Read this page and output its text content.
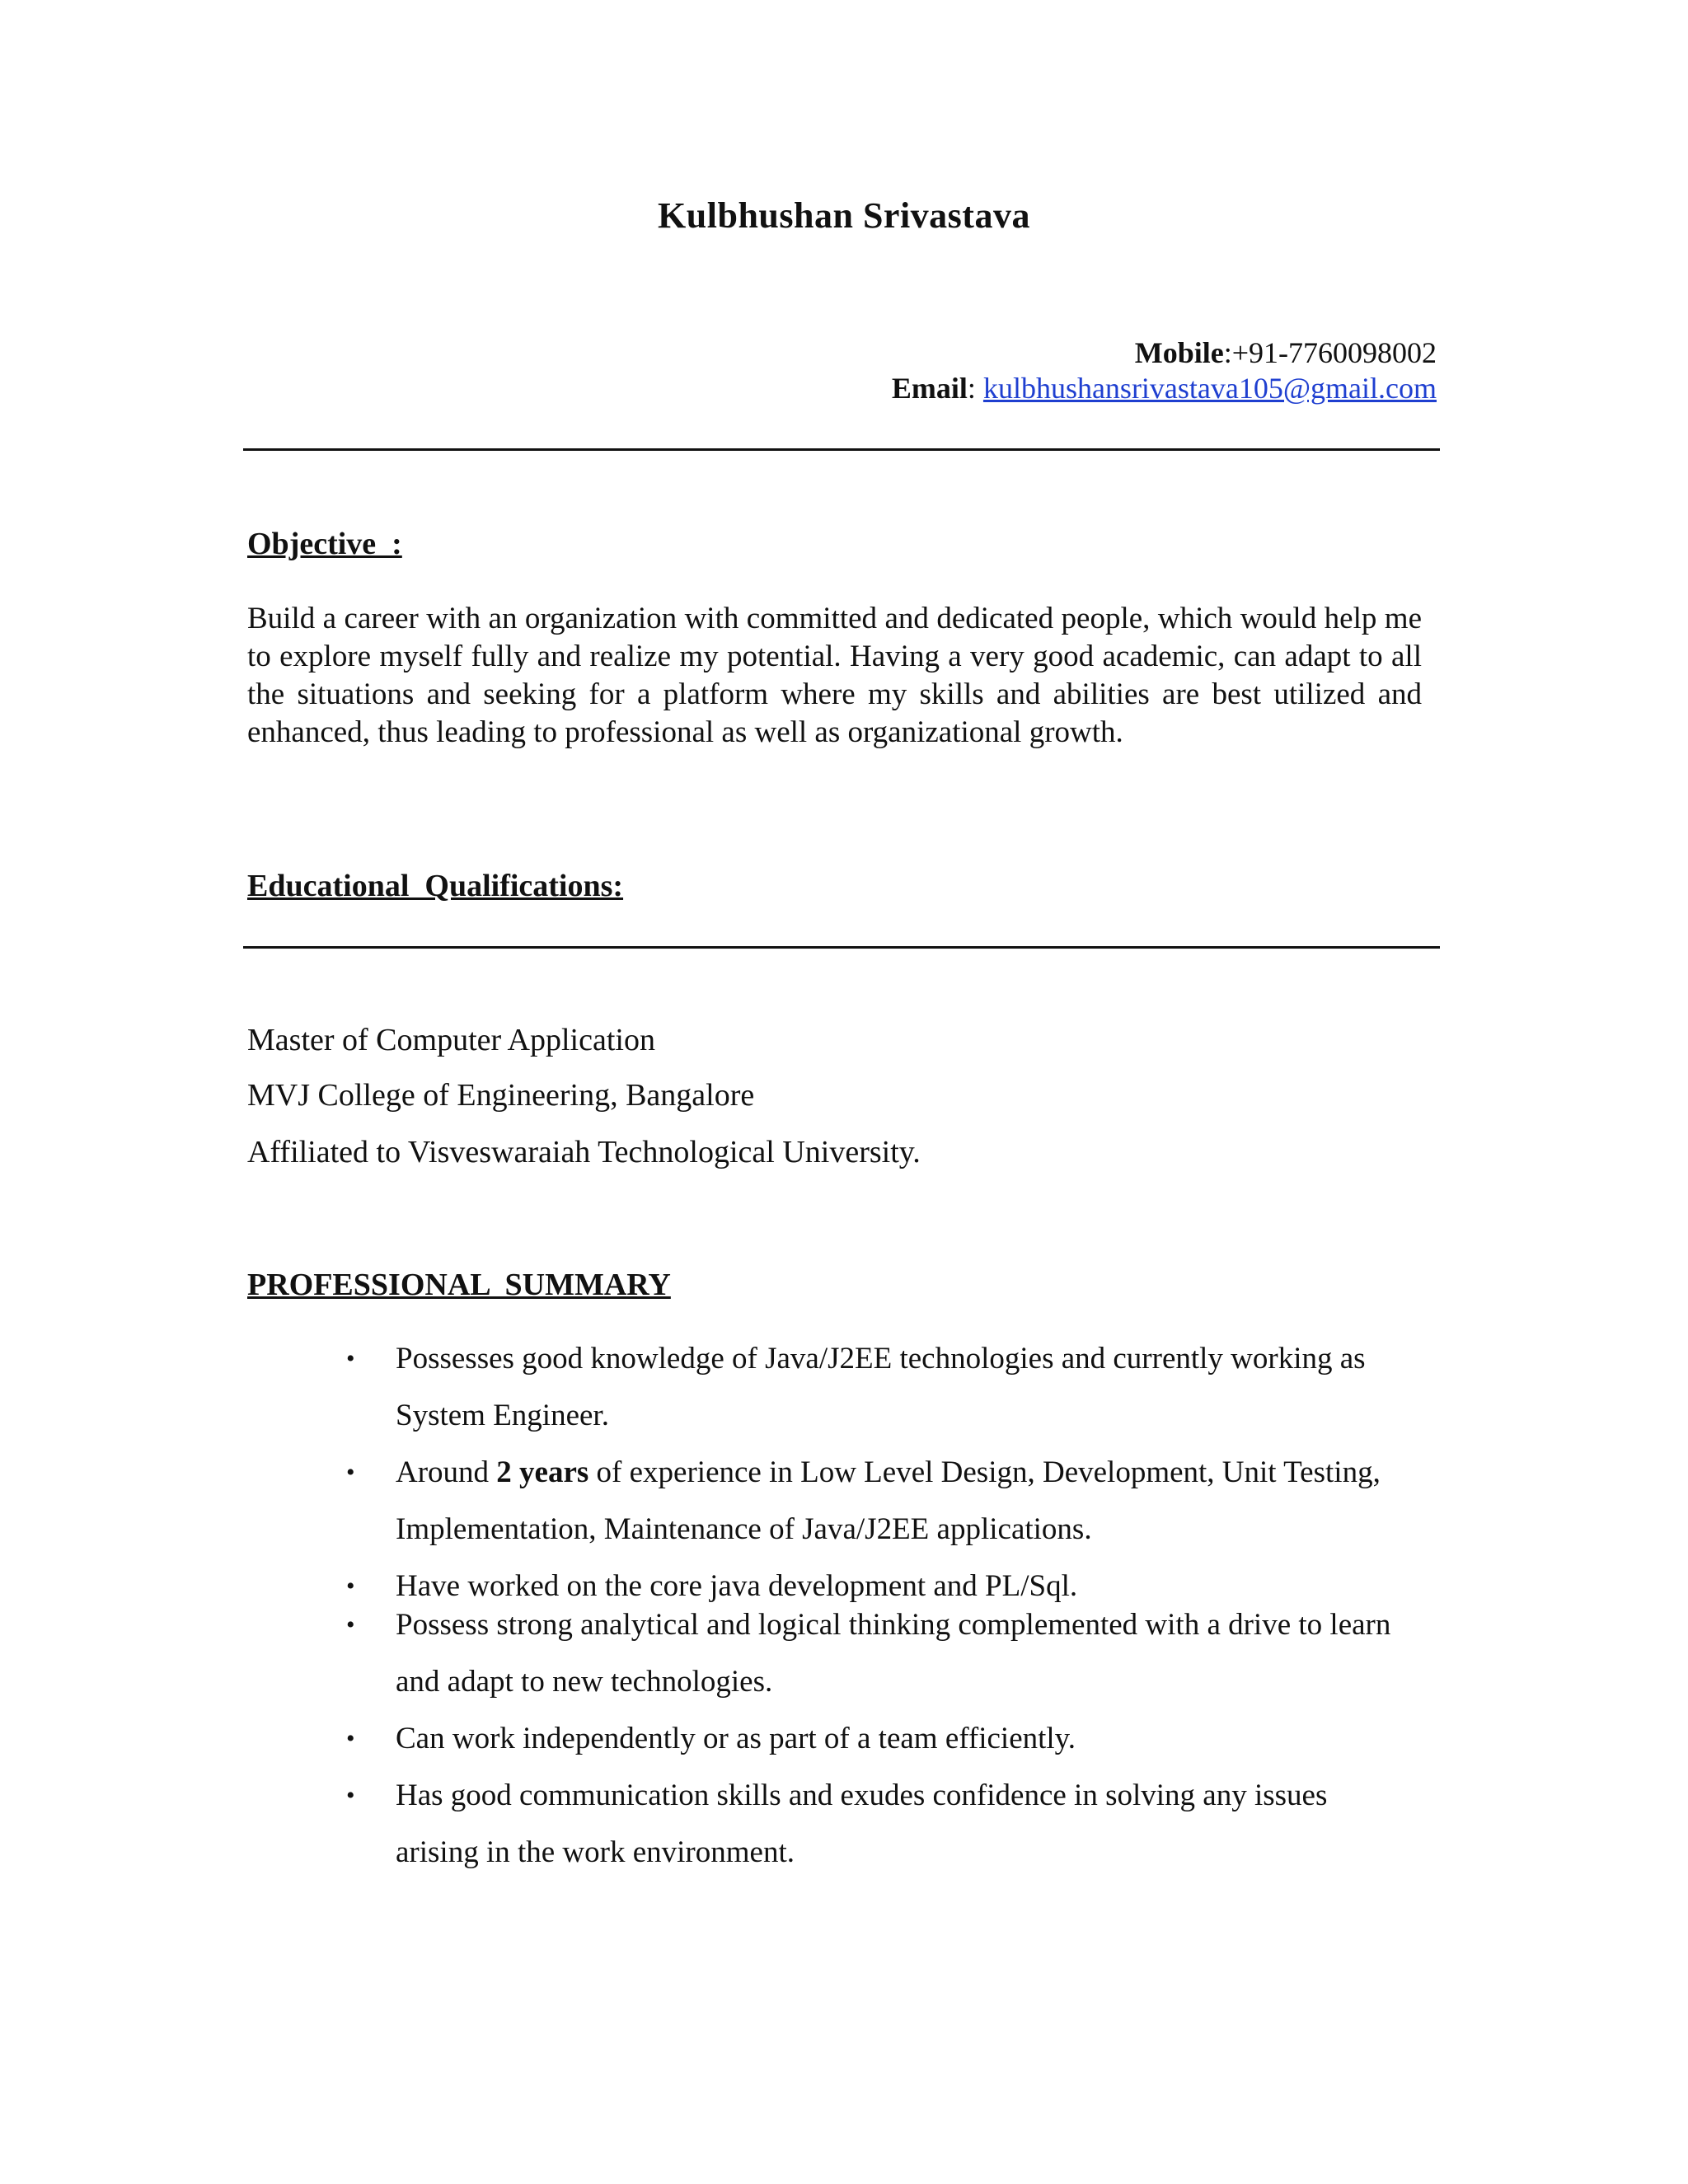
Kulbhushan Srivastava
Mobile:+91-7760098002
Email: kulbhushansrivastava105@gmail.com
Objective  :
Build a career with an organization with committed and dedicated people, which would help me to explore myself fully and realize my potential. Having a very good academic, can adapt to all the situations and seeking for a platform where my skills and abilities are best utilized and enhanced, thus leading to professional as well as organizational growth.
Educational  Qualifications:
Master of Computer Application
MVJ College of Engineering, Bangalore
Affiliated to Visveswaraiah Technological University.
PROFESSIONAL  SUMMARY
• Possesses good knowledge of Java/J2EE technologies and currently working as System Engineer.
• Around 2 years of experience in Low Level Design, Development, Unit Testing, Implementation, Maintenance of Java/J2EE applications.
• Have worked on the core java development and PL/Sql.
• Possess strong analytical and logical thinking complemented with a drive to learn and adapt to new technologies.
• Can work independently or as part of a team efficiently.
• Has good communication skills and exudes confidence in solving any issues arising in the work environment.
